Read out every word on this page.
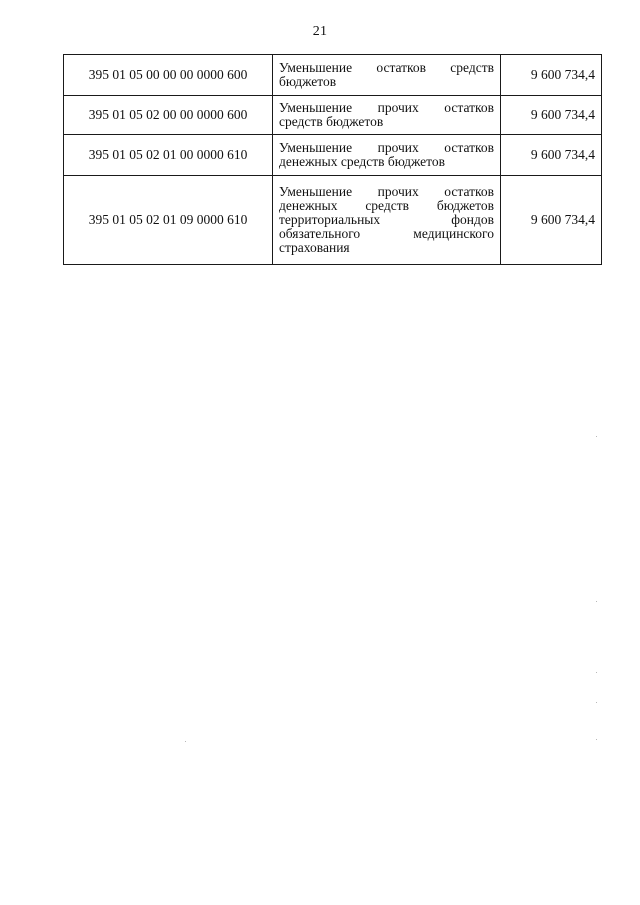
21
395 01 05 00 00 00 0000 600	Уменьшение остатков средств бюджетов	9 600 734,4
395 01 05 02 00 00 0000 600	Уменьшение прочих остатков средств бюджетов	9 600 734,4
395 01 05 02 01 00 0000 610	Уменьшение прочих остатков денежных средств бюджетов	9 600 734,4
395 01 05 02 01 09 0000 610	Уменьшение прочих остатков денежных средств бюджетов территориальных фондов обязательного медицинского страхования	9 600 734,4
